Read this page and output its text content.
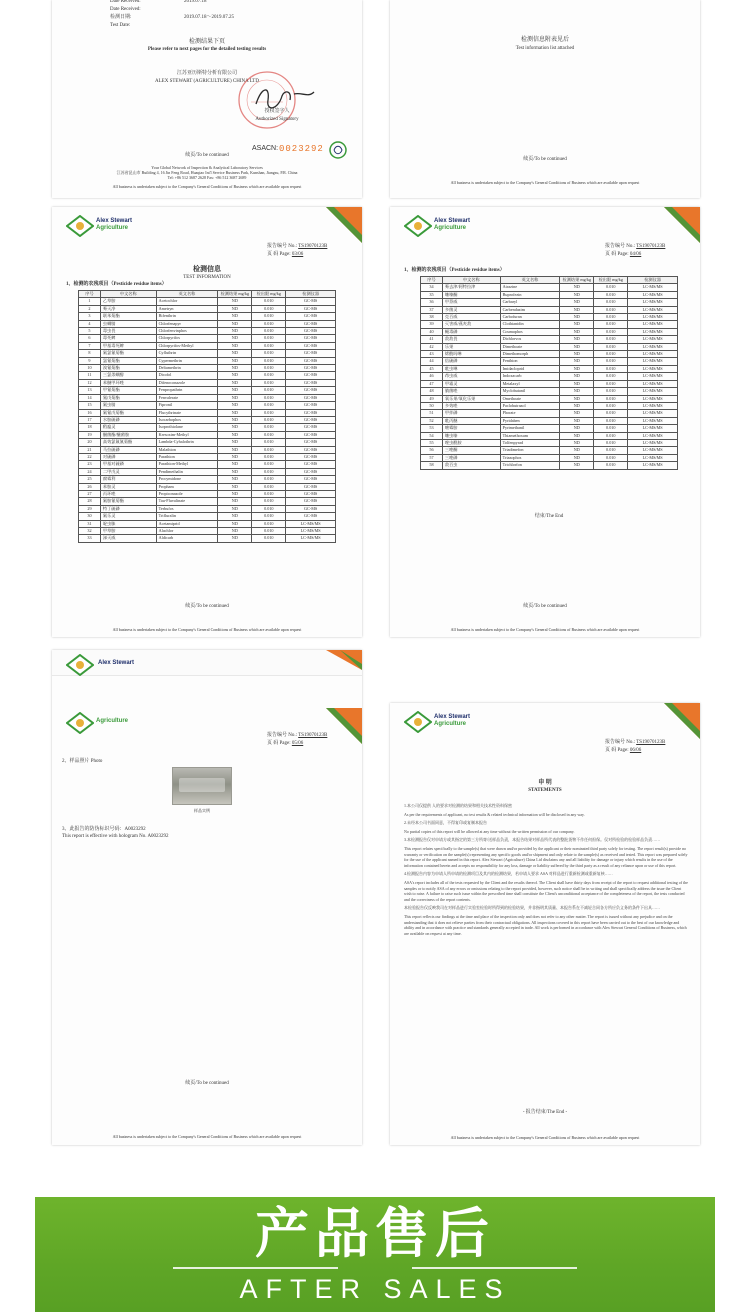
Date Received:	2019.07.18
Date Received:
检测日期:	2019.07.18～2019.07.25
Test Date:
检测结果下页
Please refer to next pages for the detailed testing results
江苏亚历斯特分析有限公司
ALEX STEWART (AGRICULTURE) CHINA LTD
授权签字人
Authorized Signatory
续页/To be continued
ASACN: 0023292
Your Global Network of Inspection & Analytical Laboratory Services
江苏省昆山市 Building 4, 16 Jin Feng Road, Huaqiao Int'l Service Business Park, Kunshan, Jiangsu, P.R. China
Tel: +86 512 3687 2628 Fax: +86 512 3687 2689
All business is undertaken subject to the Company's General Conditions of Business which are available upon request
检测信息附表见后
Test information list attached
续页/To be continued
All business is undertaken subject to the Company's General Conditions of Business which are available upon request
Alex Stewart
Agriculture
报告编号 No.: TS19070123B
页 码 Page: 03/06
检测信息
TEST INFORMATION
1、检测的农残项目（Pesticide residue items）
序号	中文名称	英文名称	检测结果 mg/kg	检出限 mg/kg	检测仪器
1	乙草胺	Acetochlor	ND	0.010	GC-MS
2	莠灭净	Ametryn	ND	0.010	GC-MS
3	联苯菊酯	Bifenthrin	ND	0.010	GC-MS
4	虫螨腈	Chlorfenapyr	ND	0.010	GC-MS
5	毒虫畏	Chlorfenvinphos	ND	0.010	GC-MS
6	毒死蜱	Chlorpyrifos	ND	0.010	GC-MS
7	甲基毒死蜱	Chlorpyrifos-Methyl	ND	0.010	GC-MS
8	氟氯氰菊酯	Cyfluthrin	ND	0.010	GC-MS
9	氯氰菊酯	Cypermethrin	ND	0.010	GC-MS
10	溴氰菊酯	Deltamethrin	ND	0.010	GC-MS
11	三氯杀螨醇	Dicofol	ND	0.010	GC-MS
12	苯醚甲环唑	Difenoconazole	ND	0.010	GC-MS
13	甲氰菊酯	Fenpropathrin	ND	0.010	GC-MS
14	氰戊菊酯	Fenvalerate	ND	0.010	GC-MS
15	氟虫腈	Fipronil	ND	0.010	GC-MS
16	氟氰戊菊酯	Flucythrinate	ND	0.010	GC-MS
17	水胺硫磷	Isocarbophos	ND	0.010	GC-MS
18	稻瘟灵	Isoprothiolane	ND	0.010	GC-MS
19	醚菌酯/醚菌胺	Kresoxim-Methyl	ND	0.010	GC-MS
20	高效氯氟氰菊酯	Lambda-Cyhalothrin	ND	0.010	GC-MS
21	马拉硫磷	Malathion	ND	0.010	GC-MS
22	对硫磷	Parathion	ND	0.010	GC-MS
23	甲基对硫磷	Parathion-Methyl	ND	0.010	GC-MS
24	二甲戊灵	Pendimethalin	ND	0.010	GC-MS
25	腐霉利	Procymidone	ND	0.010	GC-MS
26	苯胺灵	Propham	ND	0.010	GC-MS
27	丙环唑	Propiconazole	ND	0.010	GC-MS
28	氟胺氰菊酯	Tau-Fluvalinate	ND	0.010	GC-MS
29	特丁硫磷	Terbufos	ND	0.010	GC-MS
30	氟乐灵	Trifluralin	ND	0.010	GC-MS
31	啶虫脒	Acetamiprid	ND	0.010	LC-MS/MS
32	甲草胺	Alachlor	ND	0.010	LC-MS/MS
33	涕灭威	Aldicarb	ND	0.010	LC-MS/MS
续页/To be continued
All business is undertaken subject to the Company's General Conditions of Business which are available upon request
Alex Stewart
Agriculture
报告编号 No.: TS19070123B
页 码 Page: 04/06
1、检测的农残项目（Pesticide residue items）
序号	中文名称	英文名称	检测结果 mg/kg	检出限 mg/kg	检测仪器
34	莠去津/阿特拉津	Atrazine	ND	0.010	LC-MS/MS
35	噻嗪酮	Buprofezin	ND	0.010	LC-MS/MS
36	甲萘威	Carbaryl	ND	0.010	LC-MS/MS
37	多菌灵	Carbendazim	ND	0.010	LC-MS/MS
38	克百威	Carbofuran	ND	0.010	LC-MS/MS
39	灭害威/燕麦敌	Clothianidin	ND	0.010	LC-MS/MS
40	蝇毒磷	Coumaphos	ND	0.010	LC-MS/MS
41	敌敌畏	Dichlorvos	ND	0.010	LC-MS/MS
42	乐果	Dimethoate	ND	0.010	LC-MS/MS
43	烯酰吗啉	Dimethomorph	ND	0.010	LC-MS/MS
44	倍硫磷	Fenthion	ND	0.010	LC-MS/MS
45	吡虫啉	Imidacloprid	ND	0.010	LC-MS/MS
46	茚虫威	Indoxacarb	ND	0.010	LC-MS/MS
47	甲霜灵	Metalaxyl	ND	0.010	LC-MS/MS
48	腈菌唑	Myclobutanil	ND	0.010	LC-MS/MS
49	氧乐果/氧化乐果	Omethoate	ND	0.010	LC-MS/MS
50	多效唑	Paclobutrazol	ND	0.010	LC-MS/MS
51	甲拌磷	Phorate	ND	0.010	LC-MS/MS
52	吡丙醚	Pyridaben	ND	0.010	LC-MS/MS
53	嘧霉胺	Pyrimethanil	ND	0.010	LC-MS/MS
54	噻虫嗪	Thiamethoxam	ND	0.010	LC-MS/MS
55	唑虫酰胺	Tolfenpyrad	ND	0.010	LC-MS/MS
56	三唑酮	Triadimefon	ND	0.010	LC-MS/MS
57	三唑磷	Triazophos	ND	0.010	LC-MS/MS
58	敌百虫	Trichlorfon	ND	0.010	LC-MS/MS
结束/The End
续页/To be continued
All business is undertaken subject to the Company's General Conditions of Business which are available upon request
Alex Stewart
Agriculture
报告编号 No.: TS19070123B
页 码 Page: 05/06
2、样品照片 Photo
样品实例
3、此报告的防伪标识号码：A0023292
This report is effective with hologram No. A0023292
续页/To be continued
All business is undertaken subject to the Company's General Conditions of Business which are available upon request
Alex Stewart
Agriculture
报告编号 No.: TS19070123B
页 码 Page: 06/06
申 明
STATEMENTS

1.本公司仅提供 人的要求对检测的结果和相关技术性资料保密

As per the requirements of applicant, no test results & related technical information will be disclosed in any way.

2.未经本公司书面同意，不得复印或复制本报告

No partial copies of this report will be allowed at any time without the written permission of our company.

3.本检测报告仅对申请方或其指定的第三方所寄/送样品负责，本报告结果对样品所代表的整批货物不作任何担保。仅对所检验的检验样品负责……

This report relates specifically to the sample(s) that were drawn and/or provided by the applicant or their nominated third party solely for testing. The report result(s) provide no warranty or verification on the sample(s) representing any specific goods and/or shipment and only relate to the sample(s) as received and tested. This report was prepared solely for the use of the applicant named in this report. Alex Stewart (Agriculture) China Ltd disclaims any and all liability for damage or injury which results in the use of the information contained herein and accepts no responsibility for any loss, damage or liability suffered by the third party as a result of any reliance upon or use of this report.

4.检测报告内容为申请人所申请的检测项目及其内的检测结果，若申请人要求 ASA 对样品进行重新检测或重新复核……

ASA's report includes all of the tests requested by the Client and the results thereof. The Client shall have thirty days from receipt of the report to request additional testing of the samples or to notify ASA of any errors or omissions relating to the report provided, however, such notice shall be in writing and shall specifically address the issue the Client wish to raise. A failure to raise such issue within the prescribed time shall constitute the Client's unconditional acceptance of the completeness of the report, the tests conducted and the correctness of the report contents.

本检验报告仅反映我司在对样品进行实验室检验时所得到的检验结果，并非指明其质量、本报告系在不减轻合同各方所应负义务的条件下出具……

This report reflects our findings at the time and place of the inspection only and does not refer to any other matter. The report is issued without any prejudice and on the understanding that it does not relieve parties from their contractual obligations. All inspections covered in this report have been carried out to the best of our knowledge and ability and in accordance with practice and standards generally accepted in trade. All work is performed in accordance with Alex Stewart General Conditions of Business, which are available on request at any time.

- 报告结束/The End -
All business is undertaken subject to the Company's General Conditions of Business which are available upon request
产品售后
AFTER SALES
